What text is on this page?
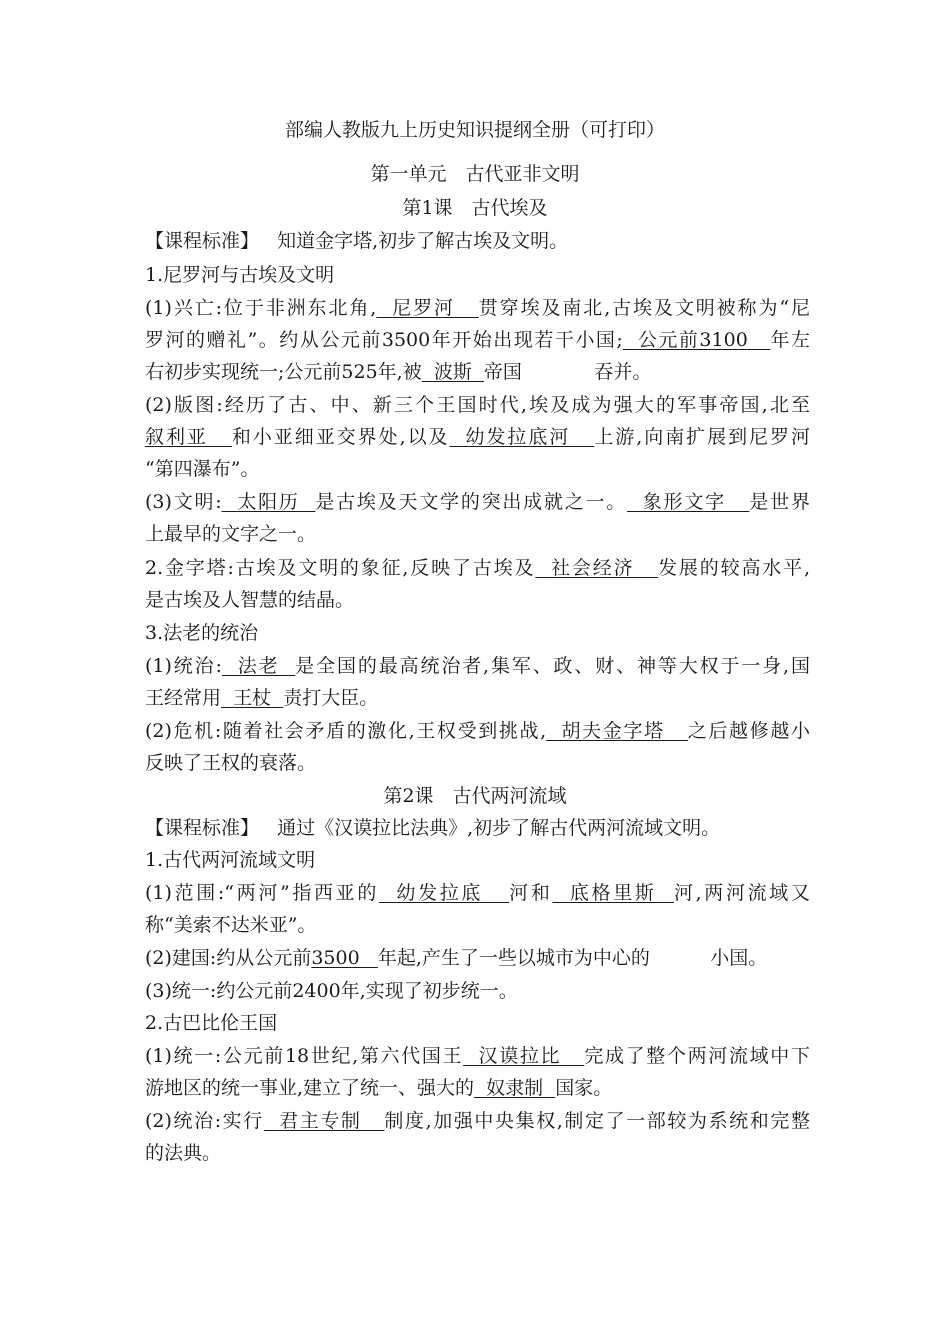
部编人教版九上历史知识提纲全册（可打印）
第一单元　古代亚非文明
第1课　古代埃及
【课程标准】 知道金字塔,初步了解古埃及文明。
1.尼罗河与古埃及文明
(1)兴亡:位于非洲东北角, 尼罗河 贯穿埃及南北,古埃及文明被称为“尼
罗河的赠礼”。约从公元前3500年开始出现若干小国; 公元前3100 年左
右初步实现统一;公元前525年,被 波斯 帝国	吞并。
(2)版图:经历了古、中、新三个王国时代,埃及成为强大的军事帝国,北至
叙利亚 和小亚细亚交界处,以及 幼发拉底河 上游,向南扩展到尼罗河
“第四瀑布”。
(3)文明: 太阳历 是古埃及天文学的突出成就之一。 象形文字 是世界
上最早的文字之一。
2.金字塔:古埃及文明的象征,反映了古埃及 社会经济 发展的较高水平,
是古埃及人智慧的结晶。
3.法老的统治
(1)统治: 法老 是全国的最高统治者,集军、政、财、神等大权于一身,国
王经常用 王杖 责打大臣。
(2)危机:随着社会矛盾的激化,王权受到挑战, 胡夫金字塔 之后越修越小
反映了王权的衰落。
第2课　古代两河流域
【课程标准】 通过《汉谟拉比法典》,初步了解古代两河流域文明。
1.古代两河流域文明
(1)范围:“两河”指西亚的 幼发拉底 河和 底格里斯 河,两河流域又
称“美索不达米亚”。
(2)建国:约从公元前3500 年起,产生了一些以城市为中心的	小国。
(3)统一:约公元前2400年,实现了初步统一。
2.古巴比伦王国
(1)统一:公元前18世纪,第六代国王 汉谟拉比 完成了整个两河流域中下
游地区的统一事业,建立了统一、强大的 奴隶制 国家。
(2)统治:实行 君主专制 制度,加强中央集权,制定了一部较为系统和完整
的法典。
